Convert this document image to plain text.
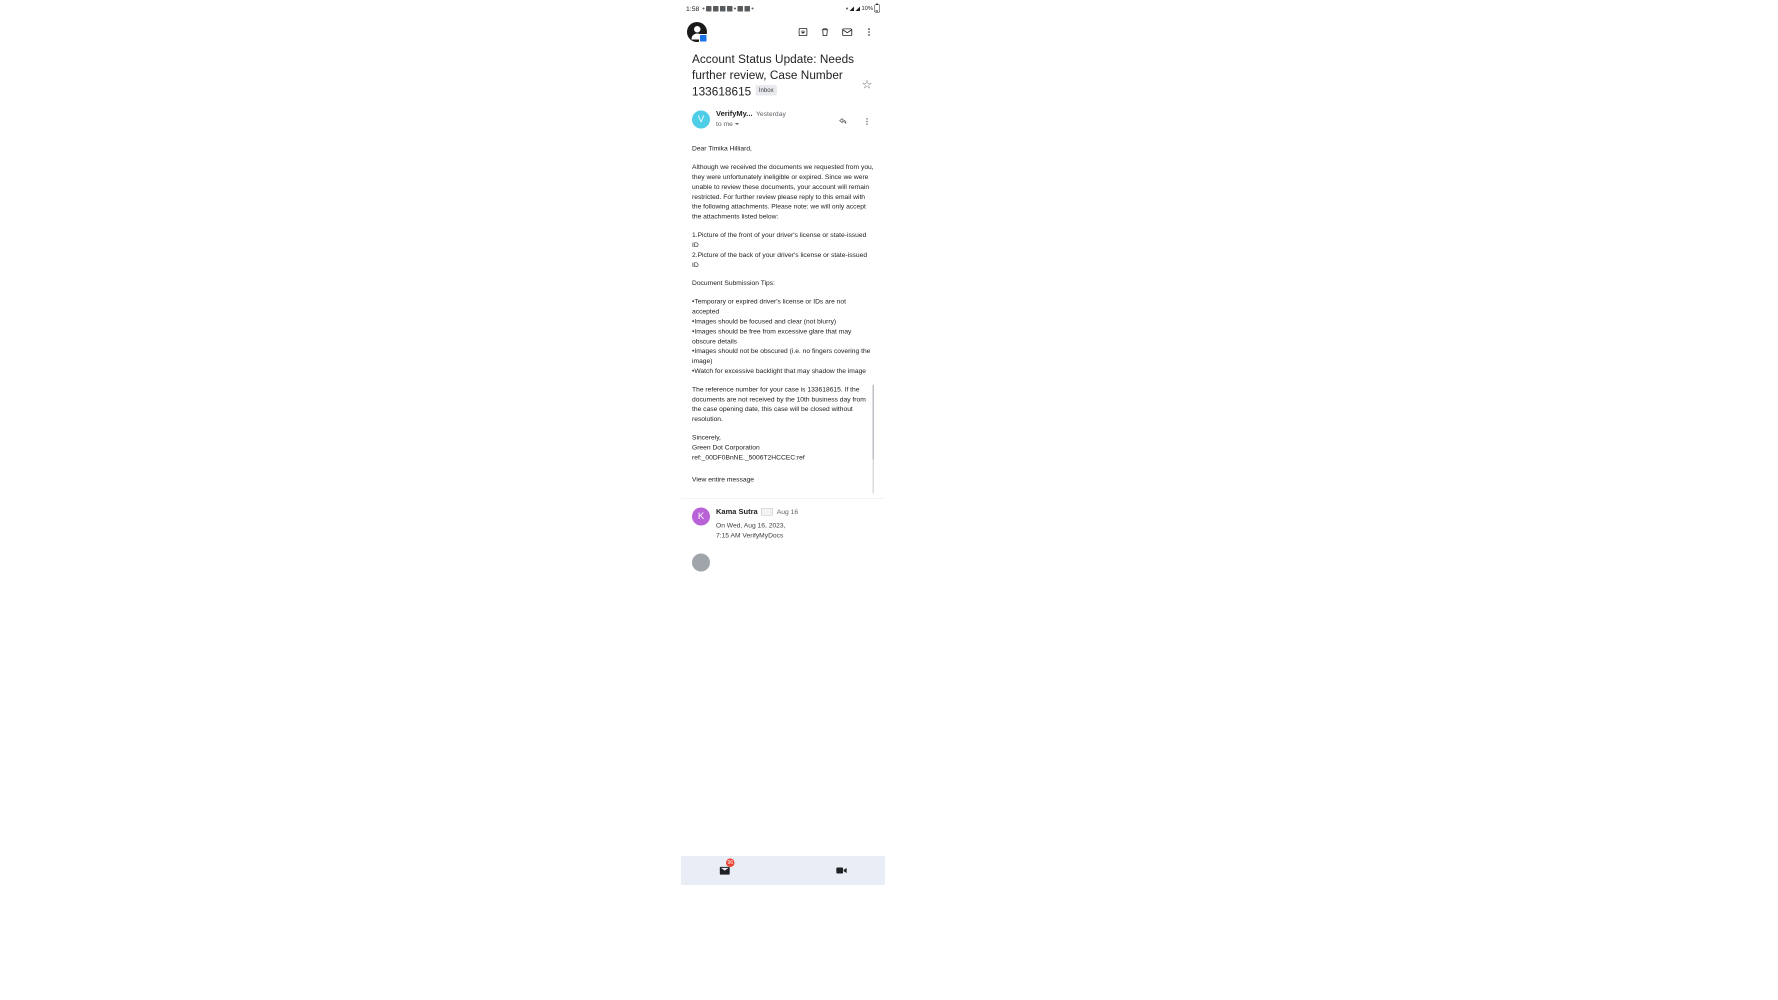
1:58	10%
Account Status Update: Needs further review, Case Number 133618615 Inbox	☆
V
VerifyMy... Yesterday
to me

Dear Timika Hilliard,

Although we received the documents we requested from you, they were unfortunately ineligible or expired. Since we were unable to review these documents, your account will remain restricted. For further review please reply to this email with the following attachments. Please note: we will only accept the attachments listed below:

1.Picture of the front of your driver's license or state-issued ID

2.Picture of the back of your driver's license or state-issued ID

Document Submission Tips:

•Temporary or expired driver's license or IDs are not accepted

•Images should be focused and clear (not blurry)

•Images should be free from excessive glare that may obscure details

•Images should not be obscured (i.e. no fingers covering the image)

•Watch for excessive backlight that may shadow the image

The reference number for your case is 133618615. If the documents are not received by the 10th business day from the case opening date, this case will be closed without resolution.

Sincerely,

Green Dot Corporation

ref:_00DF0BnNE._5006T2HCCEC:ref

View entire message
K Kama Sutra Aug 16
On Wed, Aug 16, 2023,
7:15 AM VerifyMyDocs
96
